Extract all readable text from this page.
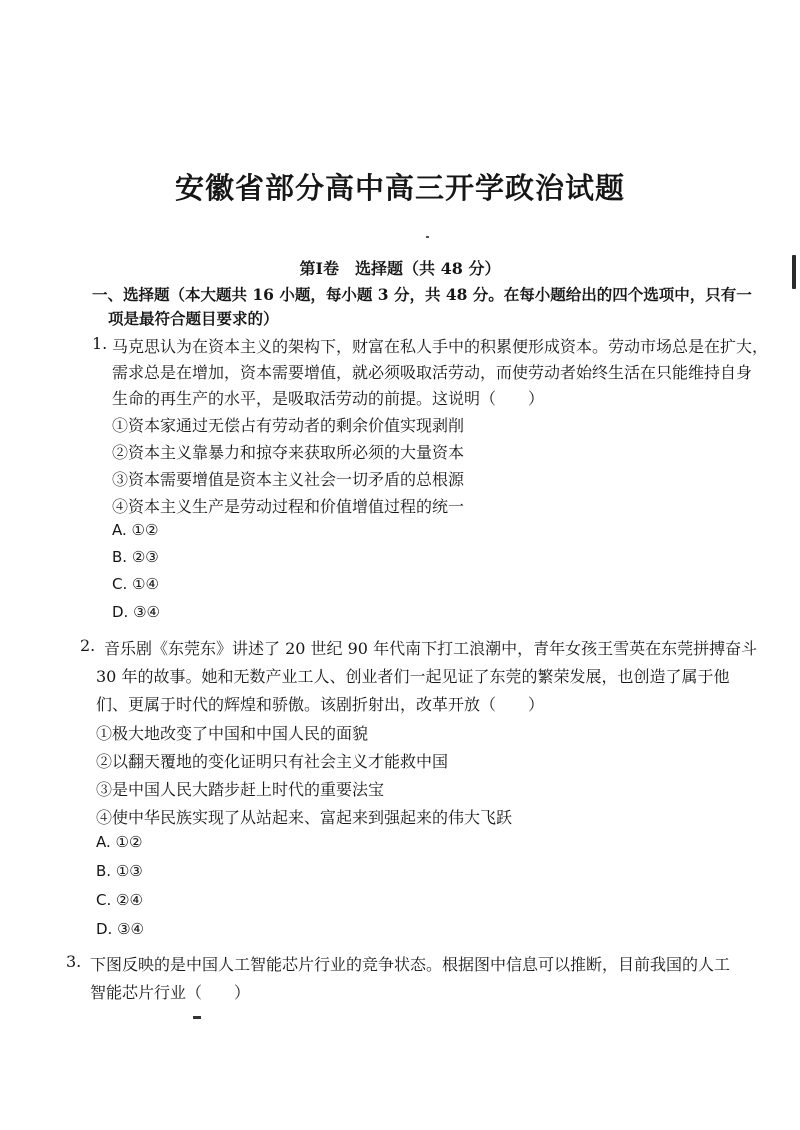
安徽省部分高中高三开学政治试题
第Ⅰ卷　选择题（共 48 分）
一、选择题（本大题共 16 小题，每小题 3 分，共 48 分。在每小题给出的四个选项中，只有一
项是最符合题目要求的）
1. 马克思认为在资本主义的架构下，财富在私人手中的积累便形成资本。劳动市场总是在扩大，
需求总是在增加，资本需要增值，就必须吸取活劳动，而使劳动者始终生活在只能维持自身
生命的再生产的水平，是吸取活劳动的前提。这说明（　　）
①资本家通过无偿占有劳动者的剩余价值实现剥削
②资本主义靠暴力和掠夺来获取所必须的大量资本
③资本需要增值是资本主义社会一切矛盾的总根源
④资本主义生产是劳动过程和价值增值过程的统一
A. ①②
B. ②③
C. ①④
D. ③④
2. 音乐剧《东莞东》讲述了 20 世纪 90 年代南下打工浪潮中，青年女孩王雪英在东莞拼搏奋斗
30 年的故事。她和无数产业工人、创业者们一起见证了东莞的繁荣发展，也创造了属于他
们、更属于时代的辉煌和骄傲。该剧折射出，改革开放（　　）
①极大地改变了中国和中国人民的面貌
②以翻天覆地的变化证明只有社会主义才能救中国
③是中国人民大踏步赶上时代的重要法宝
④使中华民族实现了从站起来、富起来到强起来的伟大飞跃
A. ①②
B. ①③
C. ②④
D. ③④
3. 下图反映的是中国人工智能芯片行业的竞争状态。根据图中信息可以推断，目前我国的人工
智能芯片行业（　　）
